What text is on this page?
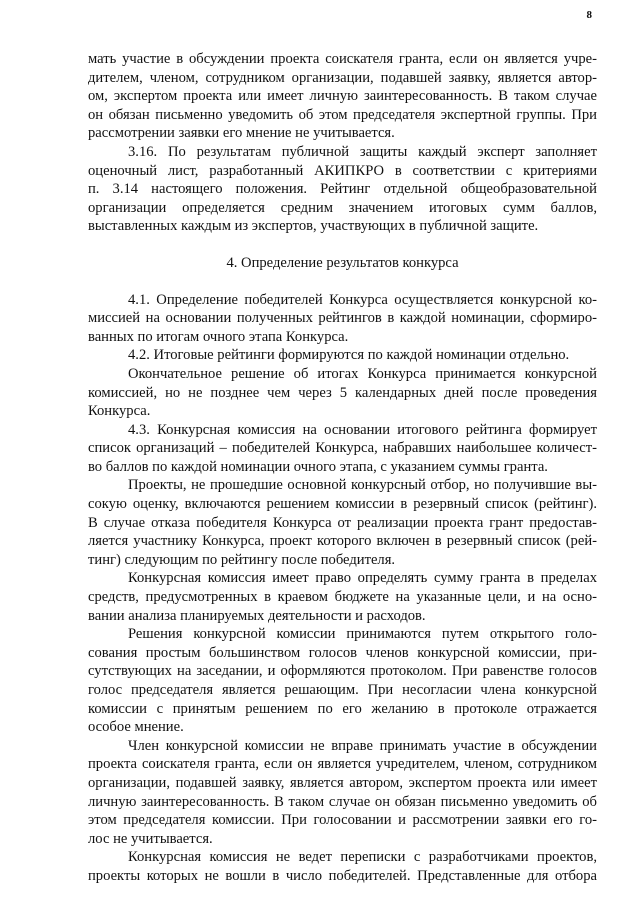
8

мать участие в обсуждении проекта соискателя гранта, если он является учре-
дителем, членом, сотрудником организации, подавшей заявку, является автор-
ом, экспертом проекта или имеет личную заинтересованность. В таком случае
он обязан письменно уведомить об этом председателя экспертной группы. При
рассмотрении заявки его мнение не учитывается.

3.16. По результатам публичной защиты каждый эксперт заполняет
оценочный лист, разработанный АКИПКРО в соответствии с критериями
п. 3.14 настоящего положения. Рейтинг отдельной общеобразовательной
организации определяется средним значением итоговых сумм баллов,
выставленных каждым из экспертов, участвующих в публичной защите.

4. Определение результатов конкурса

4.1. Определение победителей Конкурса осуществляется конкурсной ко-
миссией на основании полученных рейтингов в каждой номинации, сформиро-
ванных по итогам очного этапа Конкурса.

4.2. Итоговые рейтинги формируются по каждой номинации отдельно.

Окончательное решение об итогах Конкурса принимается конкурсной
комиссией, но не позднее чем через 5 календарных дней после проведения
Конкурса.

4.3. Конкурсная комиссия на основании итогового рейтинга формирует
список организаций – победителей Конкурса, набравших наибольшее количест-
во баллов по каждой номинации очного этапа, с указанием суммы гранта.

Проекты, не прошедшие основной конкурсный отбор, но получившие вы-
сокую оценку, включаются решением комиссии в резервный список (рейтинг).
В случае отказа победителя Конкурса от реализации проекта грант предостав-
ляется участнику Конкурса, проект которого включен в резервный список (рей-
тинг) следующим по рейтингу после победителя.

Конкурсная комиссия имеет право определять сумму гранта в пределах
средств, предусмотренных в краевом бюджете на указанные цели, и на осно-
вании анализа планируемых деятельности и расходов.

Решения конкурсной комиссии принимаются путем открытого голо-
сования простым большинством голосов членов конкурсной комиссии, при-
сутствующих на заседании, и оформляются протоколом. При равенстве голосов
голос председателя является решающим. При несогласии члена конкурсной
комиссии с принятым решением по его желанию в протоколе отражается
особое мнение.

Член конкурсной комиссии не вправе принимать участие в обсуждении
проекта соискателя гранта, если он является учредителем, членом, сотрудником
организации, подавшей заявку, является автором, экспертом проекта или имеет
личную заинтересованность. В таком случае он обязан письменно уведомить об
этом председателя комиссии. При голосовании и рассмотрении заявки его го-
лос не учитывается.

Конкурсная комиссия не ведет переписки с разработчиками проектов,
проекты которых не вошли в число победителей. Представленные для отбора
